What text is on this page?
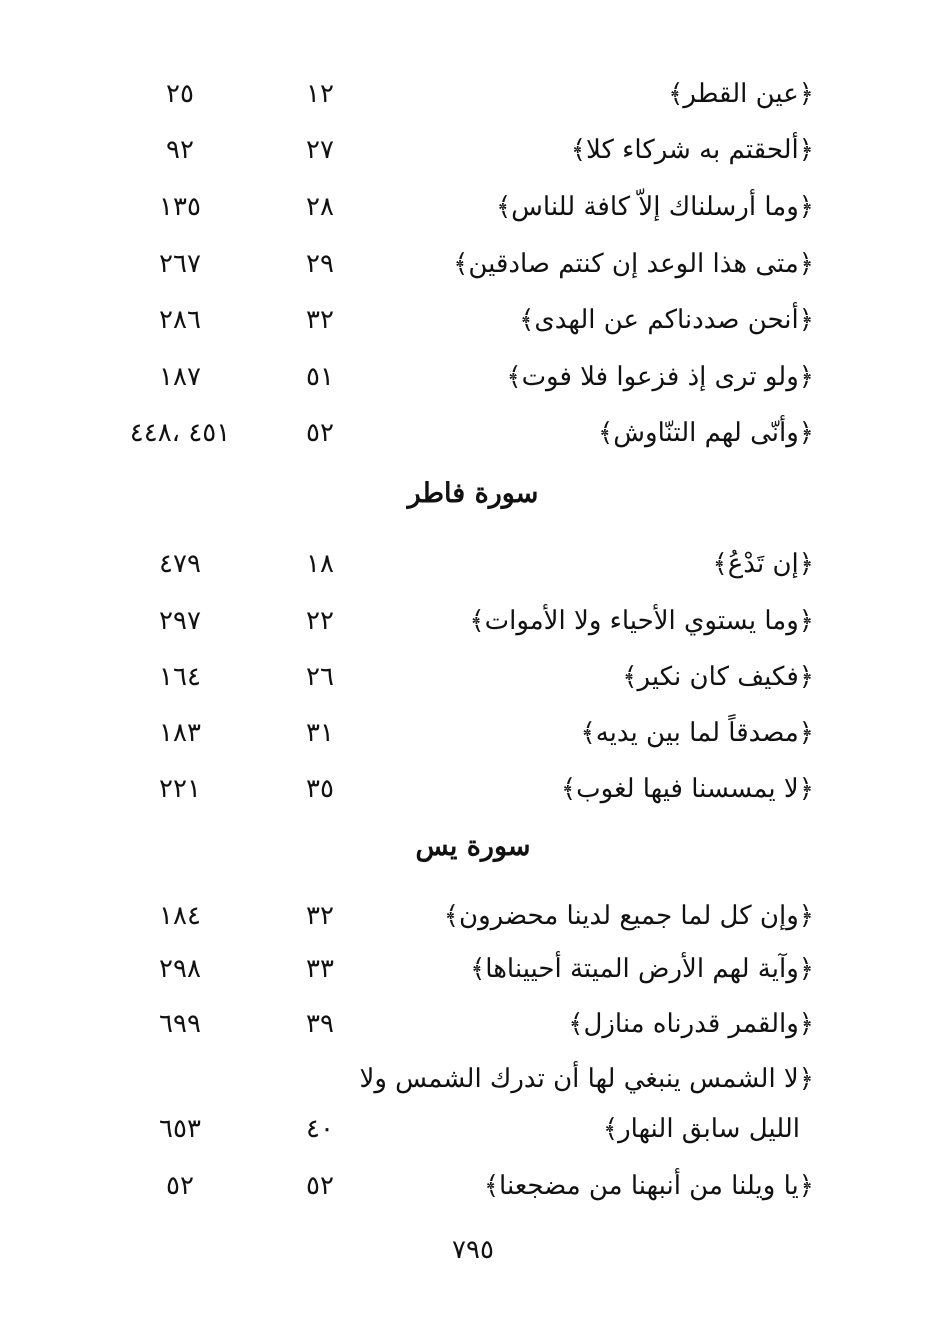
﴿عين القطر﴾
١٢
٢٥
﴿ألحقتم به شركاء كلا﴾
٢٧
٩٢
﴿وما أرسلناك إلاّ كافة للناس﴾
٢٨
١٣٥
﴿متى هذا الوعد إن كنتم صادقين﴾
٢٩
٢٦٧
﴿أنحن صددناكم عن الهدى﴾
٣٢
٢٨٦
﴿ولو ترى إذ فزعوا فلا فوت﴾
٥١
١٨٧
﴿وأنّى لهم التنّاوش﴾
٥٢
٤٥١ ،٤٤٨
سورة فاطر
﴿إن تَدْعُ﴾
١٨
٤٧٩
﴿وما يستوي الأحياء ولا الأموات﴾
٢٢
٢٩٧
﴿فكيف كان نكير﴾
٢٦
١٦٤
﴿مصدقاً لما بين يديه﴾
٣١
١٨٣
﴿لا يمسسنا فيها لغوب﴾
٣٥
٢٢١
سورة يس
﴿وإن كل لما جميع لدينا محضرون﴾
٣٢
١٨٤
﴿وآية لهم الأرض الميتة أحييناها﴾
٣٣
٢٩٨
﴿والقمر قدرناه منازل﴾
٣٩
٦٩٩
﴿لا الشمس ينبغي لها أن تدرك الشمس ولا
الليل سابق النهار﴾
٤٠
٦٥٣
﴿يا ويلنا من أنبهنا من مضجعنا﴾
٥٢
٥٢
٧٩٥
